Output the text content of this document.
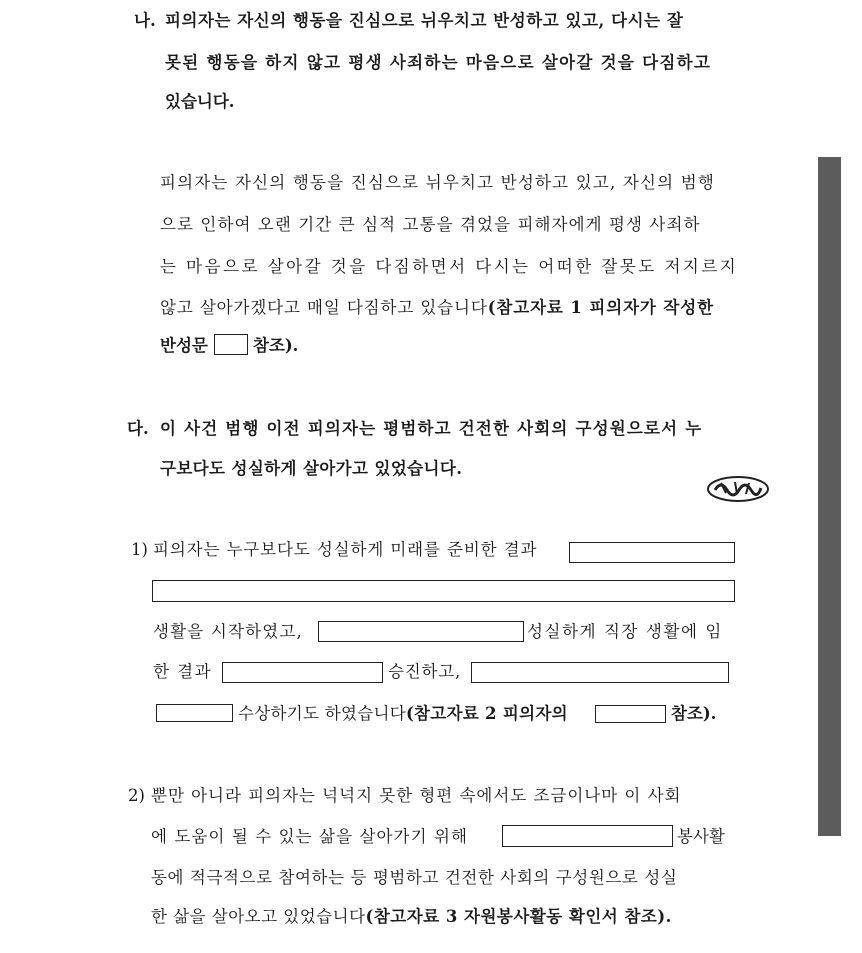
나. 피의자는 자신의 행동을 진심으로 뉘우치고 반성하고 있고, 다시는 잘
못된 행동을 하지 않고 평생 사죄하는 마음으로 살아갈 것을 다짐하고
있습니다.
피의자는 자신의 행동을 진심으로 뉘우치고 반성하고 있고, 자신의 범행
으로 인하여 오랜 기간 큰 심적 고통을 겪었을 피해자에게 평생 사죄하
는 마음으로 살아갈 것을 다짐하면서 다시는 어떠한 잘못도 저지르지
않고 살아가겠다고 매일 다짐하고 있습니다(참고자료 1 피의자가 작성한
반성문	참조).
다. 이 사건 범행 이전 피의자는 평범하고 건전한 사회의 구성원으로서 누
구보다도 성실하게 살아가고 있었습니다.
1) 피의자는 누구보다도 성실하게 미래를 준비한 결과
생활을 시작하였고,	성실하게 직장 생활에 임
한 결과	승진하고,
수상하기도 하였습니다(참고자료 2 피의자의	참조).
2) 뿐만 아니라 피의자는 넉넉지 못한 형편 속에서도 조금이나마 이 사회
에 도움이 될 수 있는 삶을 살아가기 위해	봉사활
동에 적극적으로 참여하는 등 평범하고 건전한 사회의 구성원으로 성실
한 삶을 살아오고 있었습니다(참고자료 3 자원봉사활동 확인서 참조).
